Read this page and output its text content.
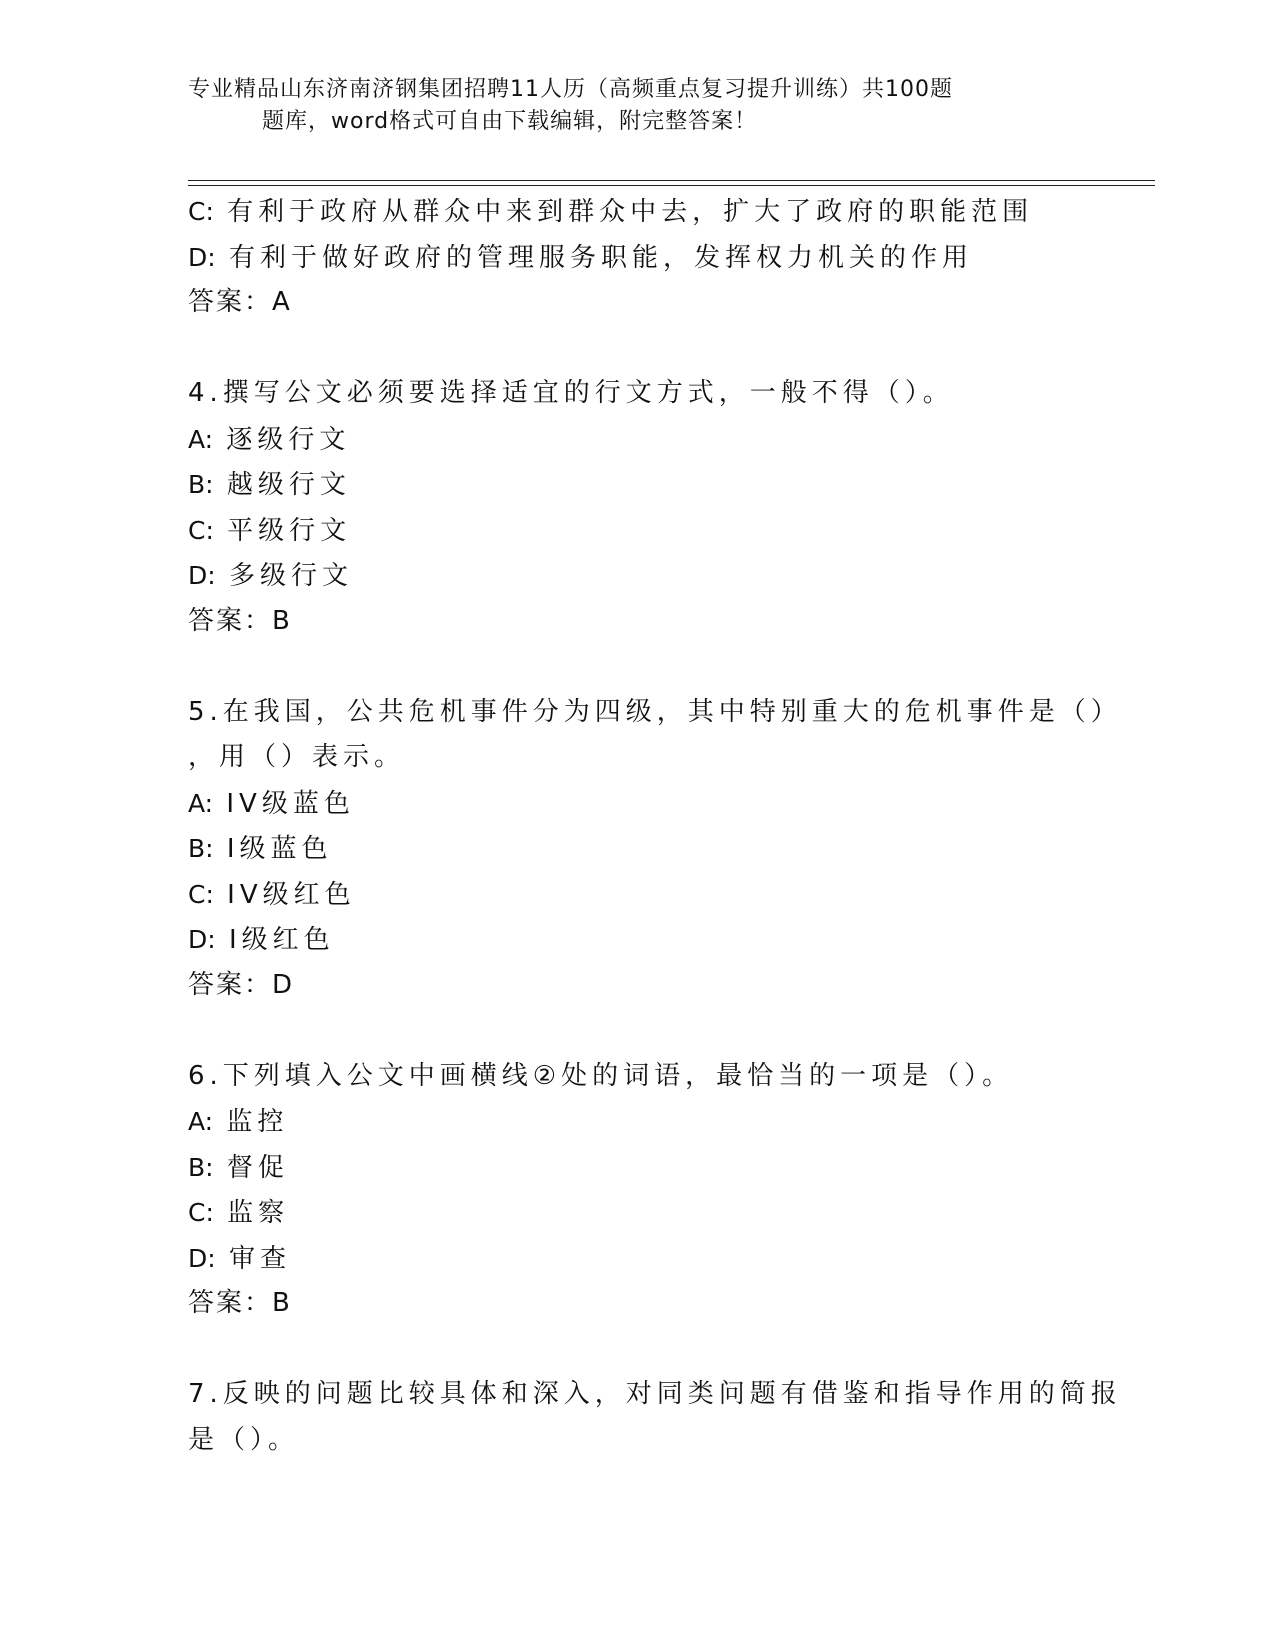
专业精品山东济南济钢集团招聘11人历（高频重点复习提升训练）共100题
题库，word格式可自由下载编辑，附完整答案！
C: 有利于政府从群众中来到群众中去，扩大了政府的职能范围
D: 有利于做好政府的管理服务职能，发挥权力机关的作用
答案：A
4.撰写公文必须要选择适宜的行文方式，一般不得（）。
A: 逐级行文
B: 越级行文
C: 平级行文
D: 多级行文
答案：B
5.在我国，公共危机事件分为四级，其中特别重大的危机事件是（）
，用（）表示。
A: IV级蓝色
B: I级蓝色
C: IV级红色
D: I级红色
答案：D
6.下列填入公文中画横线②处的词语，最恰当的一项是（）。
A: 监控
B: 督促
C: 监察
D: 审查
答案：B
7.反映的问题比较具体和深入，对同类问题有借鉴和指导作用的简报
是（）。
